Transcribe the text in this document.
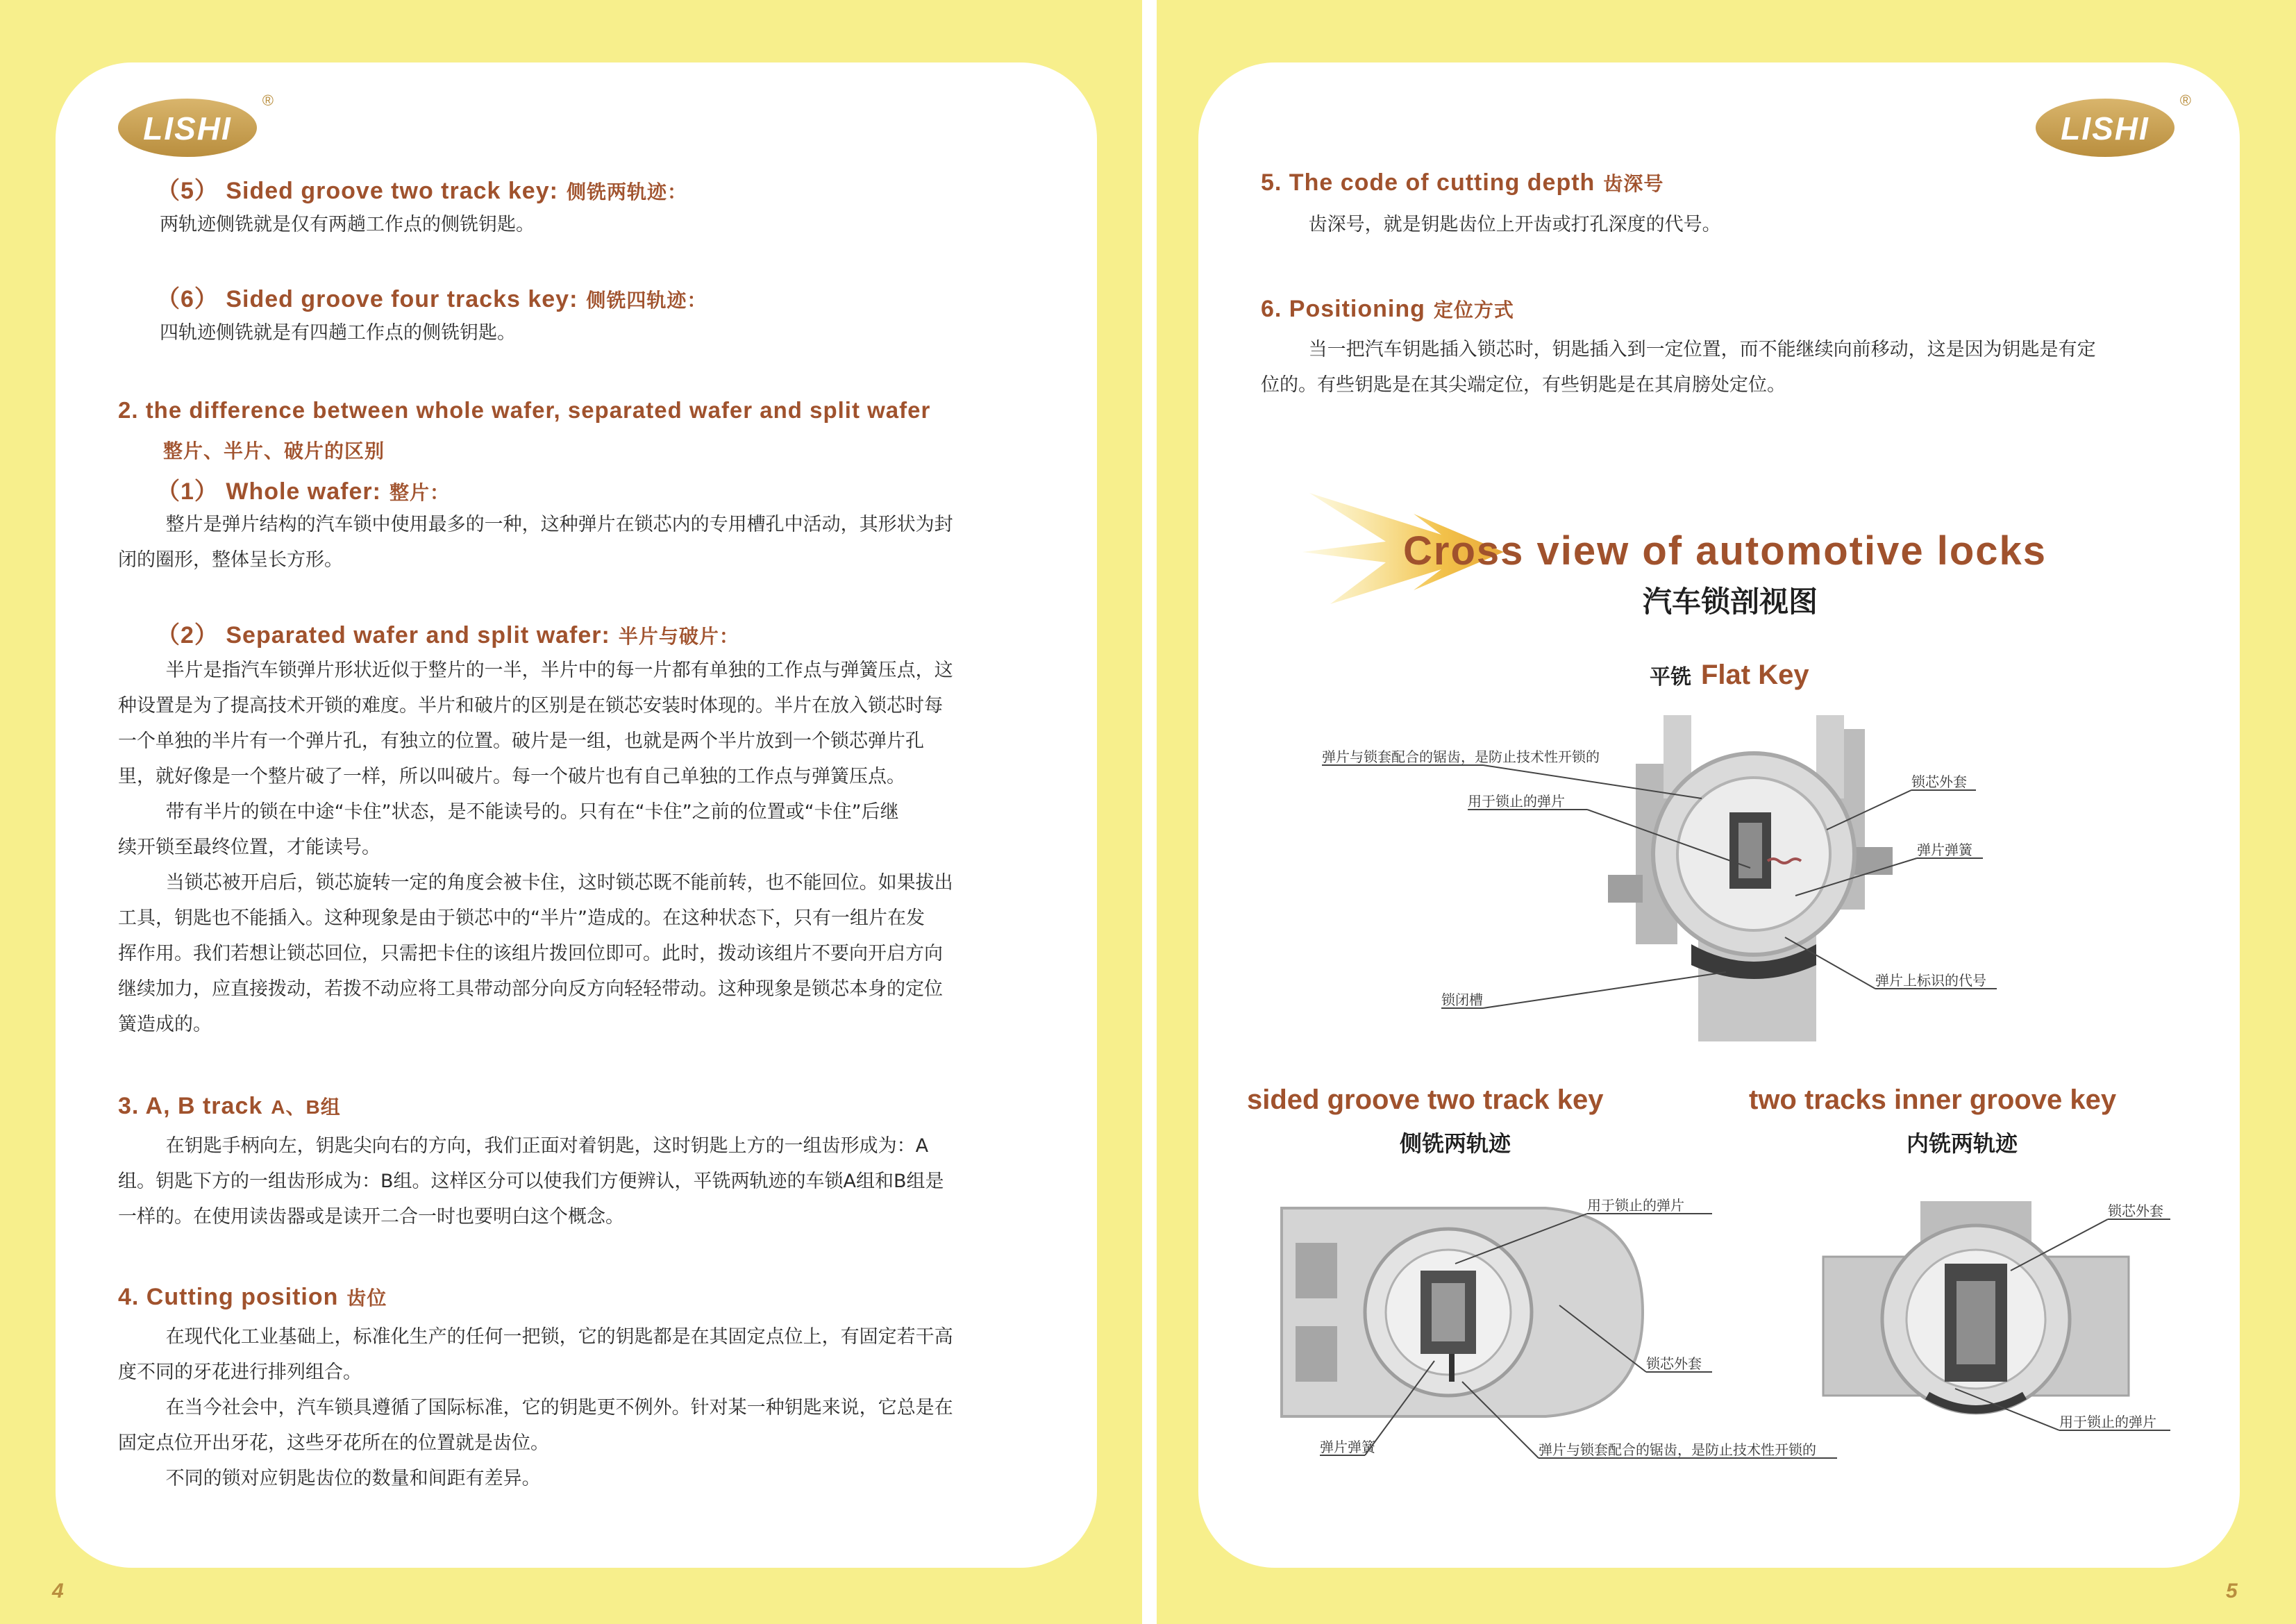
LISHI
®
（5） Sided groove two track key: 侧铣两轨迹：
两轨迹侧铣就是仅有两趟工作点的侧铣钥匙。
（6） Sided groove four tracks key: 侧铣四轨迹：
四轨迹侧铣就是有四趟工作点的侧铣钥匙。
2. the difference between whole wafer, separated wafer and split wafer
整片、半片、破片的区别
（1） Whole wafer: 整片：
整片是弹片结构的汽车锁中使用最多的一种，这种弹片在锁芯内的专用槽孔中活动，其形状为封
闭的圈形，整体呈长方形。
（2） Separated wafer and split wafer: 半片与破片：
半片是指汽车锁弹片形状近似于整片的一半，半片中的每一片都有单独的工作点与弹簧压点，这
种设置是为了提高技术开锁的难度。半片和破片的区别是在锁芯安装时体现的。半片在放入锁芯时每
一个单独的半片有一个弹片孔，有独立的位置。破片是一组，也就是两个半片放到一个锁芯弹片孔
里，就好像是一个整片破了一样，所以叫破片。每一个破片也有自己单独的工作点与弹簧压点。
带有半片的锁在中途“卡住”状态，是不能读号的。只有在“卡住”之前的位置或“卡住”后继
续开锁至最终位置，才能读号。
当锁芯被开启后，锁芯旋转一定的角度会被卡住，这时锁芯既不能前转，也不能回位。如果拔出
工具，钥匙也不能插入。这种现象是由于锁芯中的“半片”造成的。在这种状态下，只有一组片在发
挥作用。我们若想让锁芯回位，只需把卡住的该组片拨回位即可。此时，拨动该组片不要向开启方向
继续加力，应直接拨动，若拨不动应将工具带动部分向反方向轻轻带动。这种现象是锁芯本身的定位
簧造成的。
3. A, B track A、B组
在钥匙手柄向左，钥匙尖向右的方向，我们正面对着钥匙，这时钥匙上方的一组齿形成为：A
组。钥匙下方的一组齿形成为：B组。这样区分可以使我们方便辨认，平铣两轨迹的车锁A组和B组是
一样的。在使用读齿器或是读开二合一时也要明白这个概念。
4. Cutting position 齿位
在现代化工业基础上，标准化生产的任何一把锁，它的钥匙都是在其固定点位上，有固定若干高
度不同的牙花进行排列组合。
在当今社会中，汽车锁具遵循了国际标准，它的钥匙更不例外。针对某一种钥匙来说，它总是在
固定点位开出牙花，这些牙花所在的位置就是齿位。
不同的锁对应钥匙齿位的数量和间距有差异。
4
LISHI
®
5. The code of cutting depth 齿深号
齿深号，就是钥匙齿位上开齿或打孔深度的代号。
6. Positioning 定位方式
当一把汽车钥匙插入锁芯时，钥匙插入到一定位置，而不能继续向前移动，这是因为钥匙是有定
位的。有些钥匙是在其尖端定位，有些钥匙是在其肩膀处定位。
Cross view of automotive locks
汽车锁剖视图
平铣 Flat Key
弹片与锁套配合的锯齿，是防止技术性开锁的
用于锁止的弹片
锁芯外套
弹片弹簧
锁闭槽
弹片上标识的代号
sided groove two track key
侧铣两轨迹
two tracks inner groove key
内铣两轨迹
用于锁止的弹片
锁芯外套
弹片弹簧	弹片与锁套配合的锯齿，是防止技术性开锁的
锁芯外套
用于锁止的弹片
5
